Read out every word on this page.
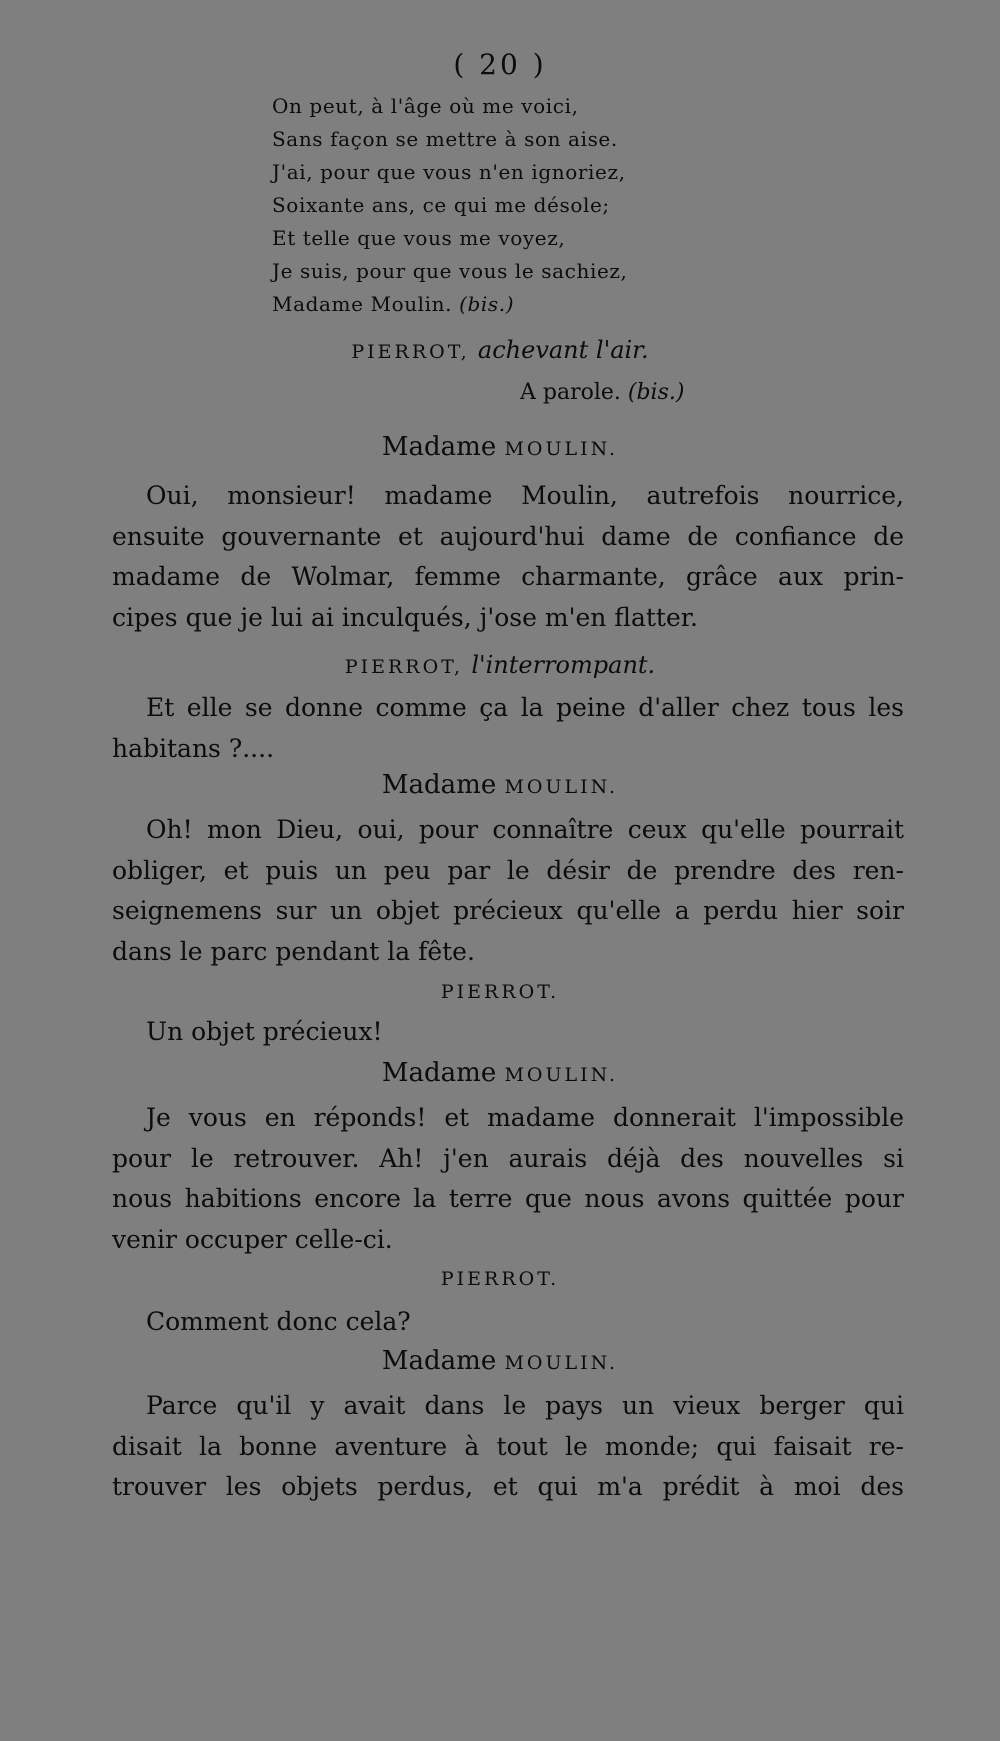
( 20 )
On peut, à l'âge où me voici,
Sans façon se mettre à son aise.
J'ai, pour que vous n'en ignoriez,
Soixante ans, ce qui me désole;
Et telle que vous me voyez,
Je suis, pour que vous le sachiez,
Madame Moulin. (bis.)
PIERROT, achevant l'air.
A parole. (bis.)
Madame MOULIN.
Oui, monsieur! madame Moulin, autrefois nourrice,
ensuite gouvernante et aujourd'hui dame de confiance de
madame de Wolmar, femme charmante, grâce aux prin-
cipes que je lui ai inculqués, j'ose m'en flatter.
PIERROT, l'interrompant.
Et elle se donne comme ça la peine d'aller chez tous les
habitans ?....
Madame MOULIN.
Oh! mon Dieu, oui, pour connaître ceux qu'elle pourrait
obliger, et puis un peu par le désir de prendre des ren-
seignemens sur un objet précieux qu'elle a perdu hier soir
dans le parc pendant la fête.
PIERROT.
Un objet précieux!
Madame MOULIN.
Je vous en réponds! et madame donnerait l'impossible
pour le retrouver. Ah! j'en aurais déjà des nouvelles si
nous habitions encore la terre que nous avons quittée pour
venir occuper celle-ci.
PIERROT.
Comment donc cela?
Madame MOULIN.
Parce qu'il y avait dans le pays un vieux berger qui
disait la bonne aventure à tout le monde; qui faisait re-
trouver les objets perdus, et qui m'a prédit à moi des
